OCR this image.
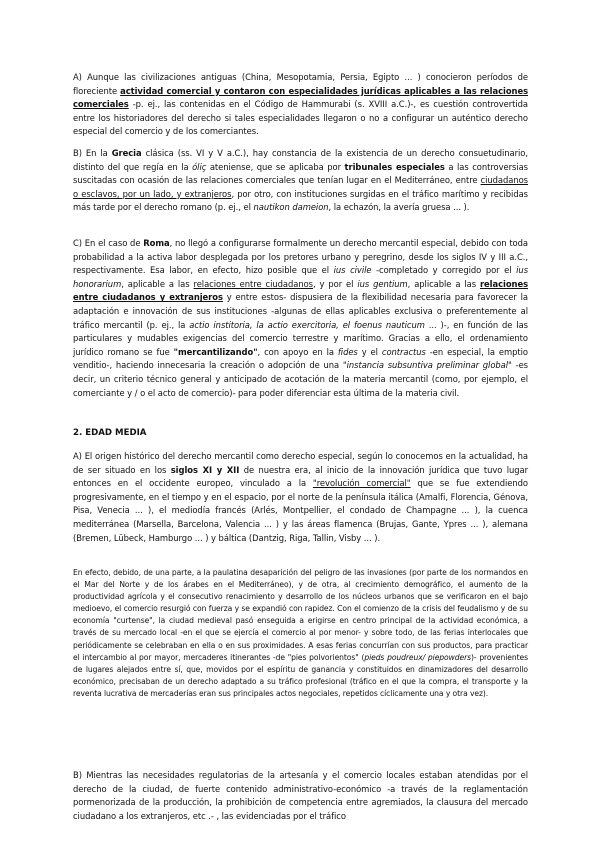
A) Aunque las civilizaciones antiguas (China, Mesopotamia, Persia, Egipto ... ) conocieron períodos de floreciente actividad comercial y contaron con especialidades jurídicas aplicables a las relaciones comerciales -p. ej., las contenidas en el Código de Hammurabi (s. XVIII a.C.)-, es cuestión controvertida entre los historiadores del derecho si tales especialidades llegaron o no a configurar un auténtico derecho especial del comercio y de los comerciantes.

B) En la Grecia clásica (ss. VI y V a.C.), hay constancia de la existencia de un derecho consuetudinario, distinto del que regía en la óliç ateniense, que se aplicaba por tribunales especiales a las controversias suscitadas con ocasión de las relaciones comerciales que tenían lugar en el Mediterráneo, entre ciudadanos o esclavos, por un lado, y extranjeros, por otro, con instituciones surgidas en el tráfico marítimo y recibidas más tarde por el derecho romano (p. ej., el nautikon dameion, la echazón, la avería gruesa ... ).

C) En el caso de Roma, no llegó a configurarse formalmente un derecho mercantil especial, debido con toda probabilidad a la activa labor desplegada por los pretores urbano y peregrino, desde los siglos IV y III a.C., respectivamente. Esa labor, en efecto, hizo posible que el ius civile -completado y corregido por el ius honorarium, aplicable a las relaciones entre ciudadanos, y por el ius gentium, aplicable a las relaciones entre ciudadanos y extranjeros y entre estos- dispusiera de la flexibilidad necesaria para favorecer la adaptación e innovación de sus instituciones -algunas de ellas aplicables exclusiva o preferentemente al tráfico mercantil (p. ej., la actio institoria, la actio exercitoria, el foenus nauticum ... )-, en función de las particulares y mudables exigencias del comercio terrestre y marítimo. Gracias a ello, el ordenamiento jurídico romano se fue "mercantilizando", con apoyo en la fides y el contractus -en especial, la emptio venditio-, haciendo innecesaria la creación o adopción de una "instancia subsuntiva preliminar global" -es decir, un criterio técnico general y anticipado de acotación de la materia mercantil (como, por ejemplo, el comerciante y / o el acto de comercio)- para poder diferenciar esta última de la materia civil.

2. EDAD MEDIA

A) El origen histórico del derecho mercantil como derecho especial, según lo conocemos en la actualidad, ha de ser situado en los siglos XI y XII de nuestra era, al inicio de la innovación jurídica que tuvo lugar entonces en el occidente europeo, vinculado a la "revolución comercial" que se fue extendiendo progresivamente, en el tiempo y en el espacio, por el norte de la península itálica (Amalfi, Florencia, Génova, Pisa, Venecia ... ), el mediodía francés (Arlés, Montpellier, el condado de Champagne ... ), la cuenca mediterránea (Marsella, Barcelona, Valencia ... ) y las áreas flamenca (Brujas, Gante, Ypres ... ), alemana (Bremen, Lübeck, Hamburgo ... ) y báltica (Dantzig, Riga, Tallin, Visby ... ).

En efecto, debido, de una parte, a la paulatina desaparición del peligro de las invasiones (por parte de los normandos en el Mar del Norte y de los árabes en el Mediterráneo), y de otra, al crecimiento demográfico, el aumento de la productividad agrícola y el consecutivo renacimiento y desarrollo de los núcleos urbanos que se verificaron en el bajo medioevo, el comercio resurgió con fuerza y se expandió con rapidez. Con el comienzo de la crisis del feudalismo y de su economía "curtense", la ciudad medieval pasó enseguida a erigirse en centro principal de la actividad económica, a través de su mercado local -en el que se ejercía el comercio al por menor- y sobre todo, de las ferias interlocales que periódicamente se celebraban en ella o en sus proximidades. A esas ferias concurrían con sus productos, para practicar el intercambio al por mayor, mercaderes itinerantes -de "pies polvorientos" (pieds poudreux/ piepowders)- provenientes de lugares alejados entre sí, que, movidos por el espíritu de ganancia y constituidos en dinamizadores del desarrollo económico, precisaban de un derecho adaptado a su tráfico profesional (tráfico en el que la compra, el transporte y la reventa lucrativa de mercaderías eran sus principales actos negociales, repetidos cíclicamente una y otra vez).

B) Mientras las necesidades regulatorias de la artesanía y el comercio locales estaban atendidas por el derecho de la ciudad, de fuerte contenido administrativo-económico -a través de la reglamentación pormenorizada de la producción, la prohibición de competencia entre agremiados, la clausura del mercado ciudadano a los extranjeros, etc .- , las evidenciadas por el tráfico
